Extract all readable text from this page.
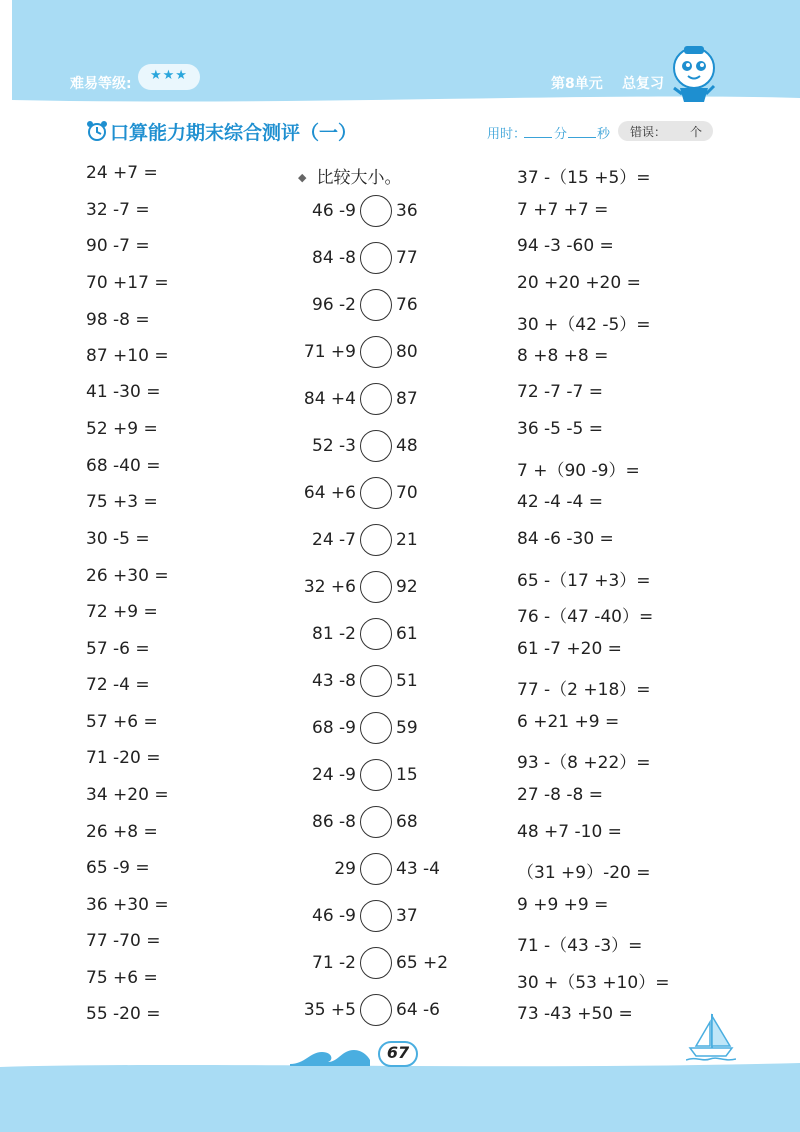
难易等级:
★★★
第8单元 总复习
口算能力期末综合测评（一）	用时： 分 秒 错误： 个
24 +7 =
32 -7 =
90 -7 =
70 +17 =
98 -8 =
87 +10 =
41 -30 =
52 +9 =
68 -40 =
75 +3 =
30 -5 =
26 +30 =
72 +9 =
57 -6 =
72 -4 =
57 +6 =
71 -20 =
34 +20 =
26 +8 =
65 -9 =
36 +30 =
77 -70 =
75 +6 =
55 -20 =
◆ 比较大小。
46 -9 36
84 -8 77
96 -2 76
71 +9 80
84 +4 87
52 -3 48
64 +6 70
24 -7 21
32 +6 92
81 -2 61
43 -8 51
68 -9 59
24 -9 15
86 -8 68
29 43 -4
46 -9 37
71 -2 65 +2
35 +5 64 -6
37 -（15 +5）=
7 +7 +7 =
94 -3 -60 =
20 +20 +20 =
30 +（42 -5）=
8 +8 +8 =
72 -7 -7 =
36 -5 -5 =
7 +（90 -9）=
42 -4 -4 =
84 -6 -30 =
65 -（17 +3）=
76 -（47 -40）=
61 -7 +20 =
77 -（2 +18）=
6 +21 +9 =
93 -（8 +22）=
27 -8 -8 =
48 +7 -10 =
（31 +9）-20 =
9 +9 +9 =
71 -（43 -3）=
30 +（53 +10）=
73 -43 +50 =
67
